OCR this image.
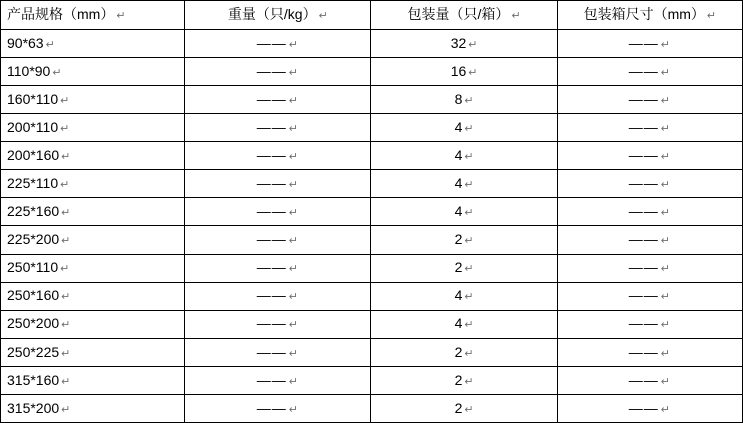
产品规格（mm） ↵	重量（只/kg） ↵	包装量（只/箱） ↵	包装箱尺寸（mm） ↵
90*63 ↵	—— ↵	32 ↵	—— ↵
110*90 ↵	—— ↵	16 ↵	—— ↵
160*110 ↵	—— ↵	8 ↵	—— ↵
200*110 ↵	—— ↵	4 ↵	—— ↵
200*160 ↵	—— ↵	4 ↵	—— ↵
225*110 ↵	—— ↵	4 ↵	—— ↵
225*160 ↵	—— ↵	4 ↵	—— ↵
225*200 ↵	—— ↵	2 ↵	—— ↵
250*110 ↵	—— ↵	2 ↵	—— ↵
250*160 ↵	—— ↵	4 ↵	—— ↵
250*200 ↵	—— ↵	4 ↵	—— ↵
250*225 ↵	—— ↵	2 ↵	—— ↵
315*160 ↵	—— ↵	2 ↵	—— ↵
315*200 ↵	—— ↵	2 ↵	—— ↵
